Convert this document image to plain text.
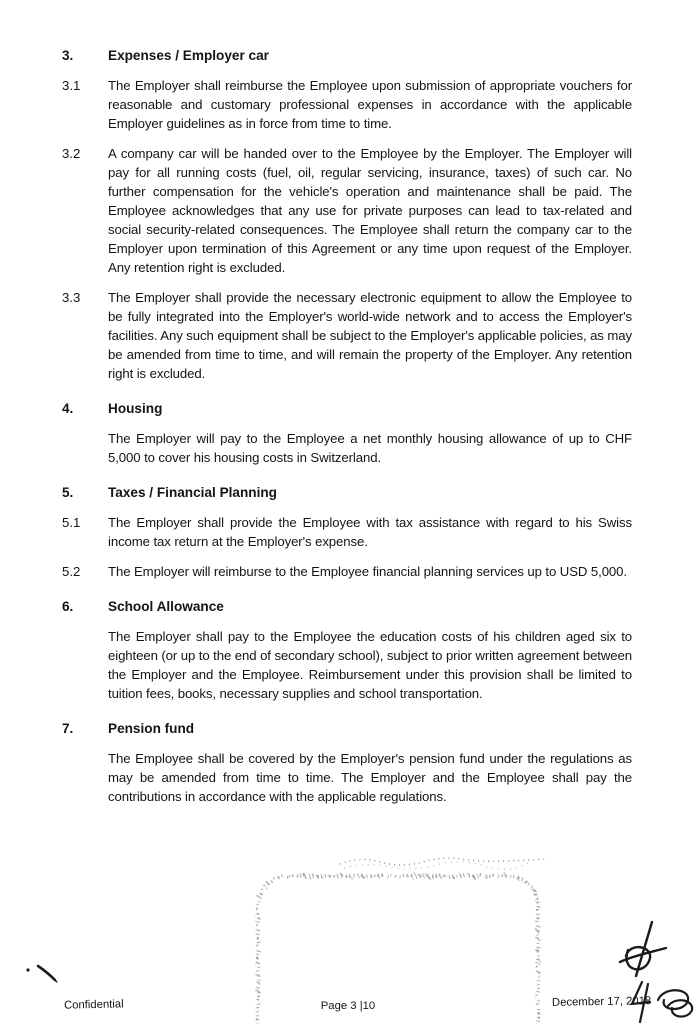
3.	Expenses / Employer car
3.1	The Employer shall reimburse the Employee upon submission of appropriate vouchers for reasonable and customary professional expenses in accordance with the applicable Employer guidelines as in force from time to time.

3.2	A company car will be handed over to the Employee by the Employer. The Employer will pay for all running costs (fuel, oil, regular servicing, insurance, taxes) of such car. No further compensation for the vehicle's operation and maintenance shall be paid. The Employee acknowledges that any use for private purposes can lead to tax-related and social security-related consequences. The Employee shall return the company car to the Employer upon termination of this Agreement or any time upon request of the Employer. Any retention right is excluded.

3.3	The Employer shall provide the necessary electronic equipment to allow the Employee to be fully integrated into the Employer's world-wide network and to access the Employer's facilities. Any such equipment shall be subject to the Employer's applicable policies, as may be amended from time to time, and will remain the property of the Employer. Any retention right is excluded.

4.	Housing

The Employer will pay to the Employee a net monthly housing allowance of up to CHF 5,000 to cover his housing costs in Switzerland.

5.	Taxes / Financial Planning
5.1	The Employer shall provide the Employee with tax assistance with regard to his Swiss income tax return at the Employer's expense.

5.2	The Employer will reimburse to the Employee financial planning services up to USD 5,000.

6.	School Allowance

The Employer shall pay to the Employee the education costs of his children aged six to eighteen (or up to the end of secondary school), subject to prior written agreement between the Employer and the Employee. Reimbursement under this provision shall be limited to tuition fees, books, necessary supplies and school transportation.

7.	Pension fund

The Employee shall be covered by the Employer's pension fund under the regulations as may be amended from time to time. The Employer and the Employee shall pay the contributions in accordance with the applicable regulations.

Confidential	Page 3 |10	December 17, 2018
